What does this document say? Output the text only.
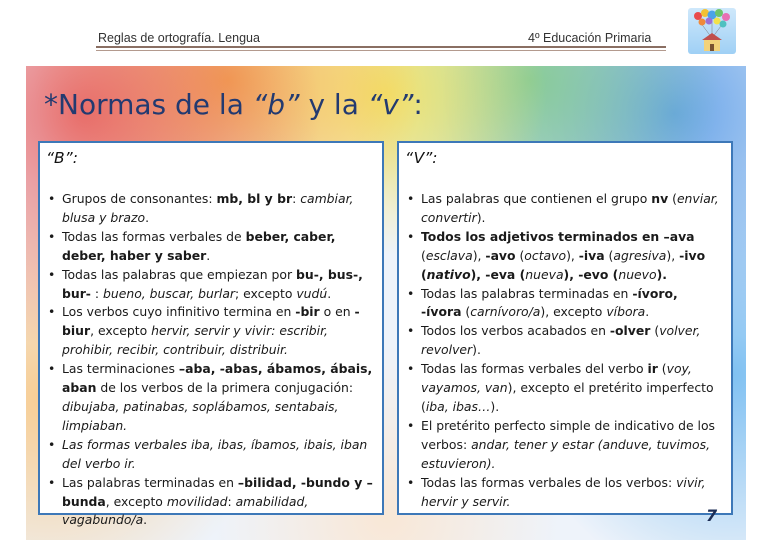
Reglas de ortografía. Lengua	4º Educación Primaria
*Normas de la “b” y la “v”:
“B”:
• Grupos de consonantes: mb, bl y br: cambiar, blusa y brazo.
• Todas las formas verbales de beber, caber, deber, haber y saber.
• Todas las palabras que empiezan por bu-, bus-, bur- : bueno, buscar, burlar; excepto vudú.
• Los verbos cuyo infinitivo termina en -bir o en -biur, excepto hervir, servir y vivir: escribir, prohibir, recibir, contribuir, distribuir.
• Las terminaciones –aba, -abas, ábamos, ábais, aban de los verbos de la primera conjugación: dibujaba, patinabas, soplábamos, sentabais, limpiaban.
• Las formas verbales iba, ibas, íbamos, ibais, iban del verbo ir.
• Las palabras terminadas en –bilidad, -bundo y –bunda, excepto movilidad: amabilidad, vagabundo/a.
“V”:
• Las palabras que contienen el grupo nv (enviar, convertir).
• Todos los adjetivos terminados en –ava (esclava), -avo (octavo), -iva (agresiva), -ivo (nativo), -eva (nueva), -evo (nuevo).
• Todas las palabras terminadas en -ívoro, -ívora (carnívoro/a), excepto víbora.
• Todos los verbos acabados en -olver (volver, revolver).
• Todas las formas verbales del verbo ir (voy, vayamos, van), excepto el pretérito imperfecto (iba, ibas…).
• El pretérito perfecto simple de indicativo de los verbos: andar, tener y estar (anduve, tuvimos, estuvieron).
• Todas las formas verbales de los verbos: vivir, hervir y servir.
7
